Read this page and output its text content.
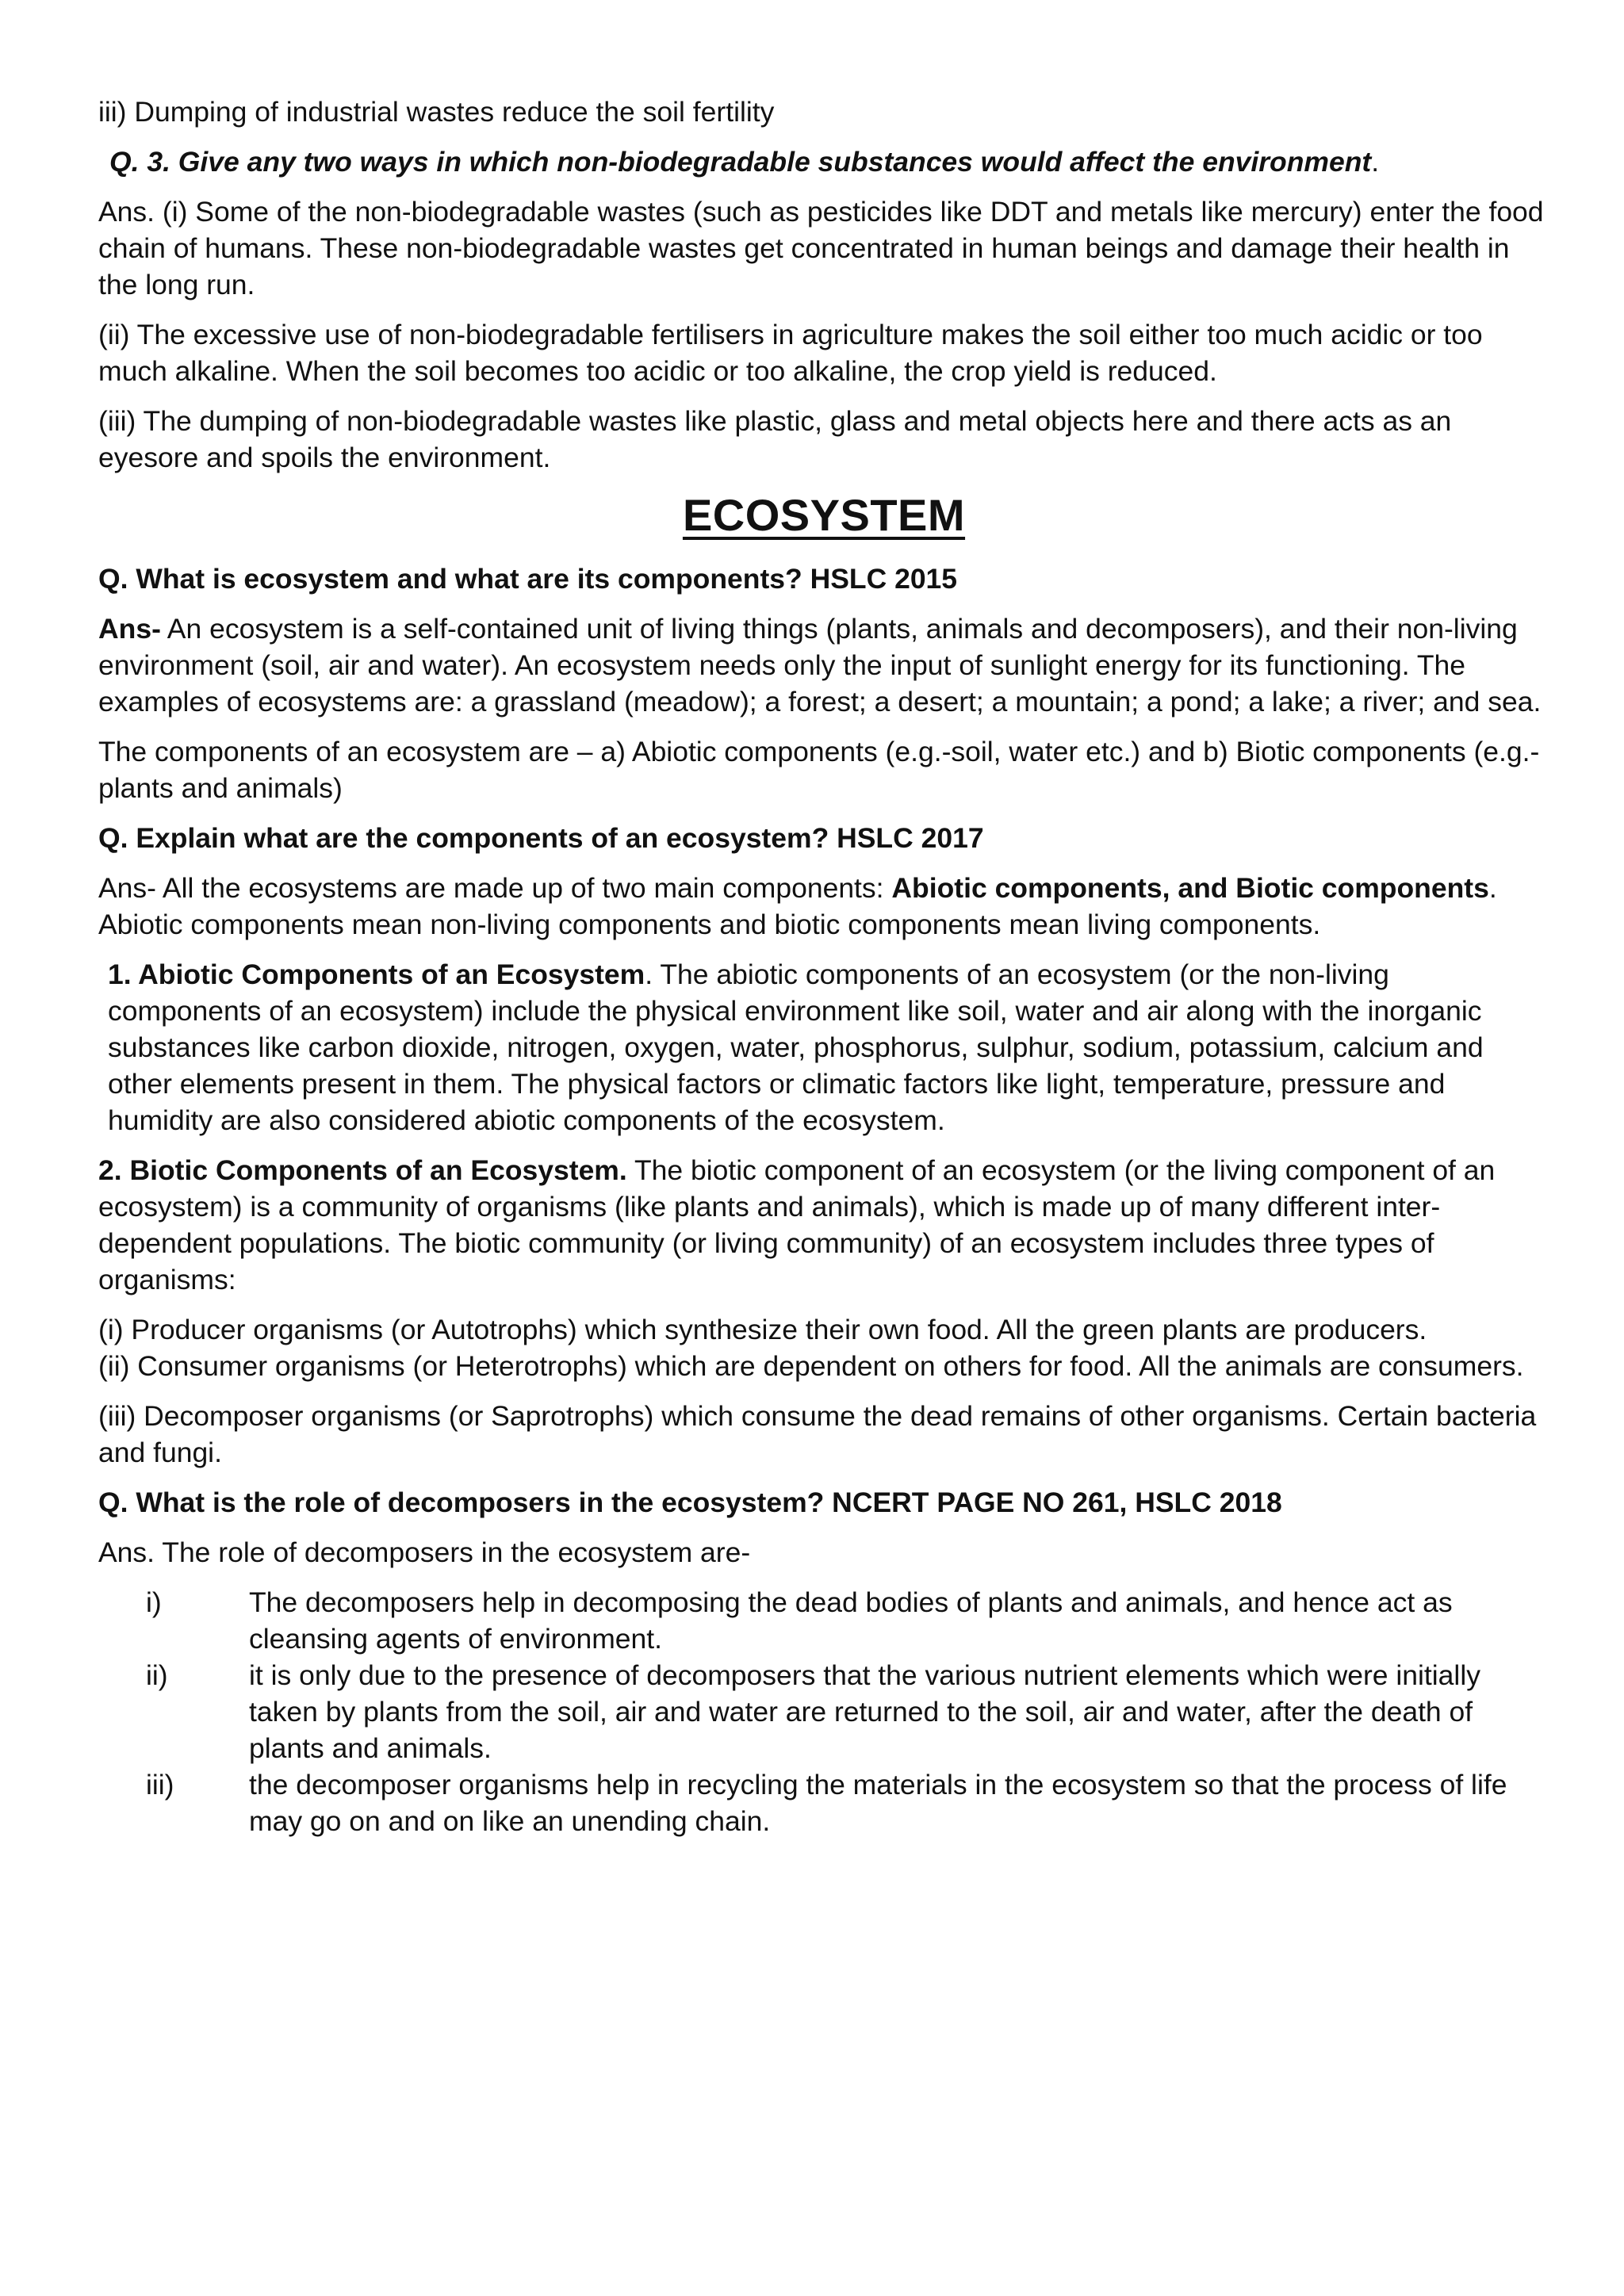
iii) Dumping of industrial wastes reduce the soil fertility

Q. 3. Give any two ways in which non-biodegradable substances would affect the environment.

Ans. (i) Some of the non-biodegradable wastes (such as pesticides like DDT and metals like mercury) enter the food chain of humans. These non-biodegradable wastes get concentrated in human beings and damage their health in the long run.

(ii) The excessive use of non-biodegradable fertilisers in agriculture makes the soil either too much acidic or too much alkaline. When the soil becomes too acidic or too alkaline, the crop yield is reduced.

(iii) The dumping of non-biodegradable wastes like plastic, glass and metal objects here and there acts as an eyesore and spoils the environment.

ECOSYSTEM

Q. What is ecosystem and what are its components? HSLC 2015

Ans- An ecosystem is a self-contained unit of living things (plants, animals and decomposers), and their non-living environment (soil, air and water). An ecosystem needs only the input of sunlight energy for its functioning. The examples of ecosystems are: a grassland (meadow); a forest; a desert; a mountain; a pond; a lake; a river; and sea.

The components of an ecosystem are – a) Abiotic components (e.g.-soil, water etc.) and b) Biotic components (e.g.-plants and animals)

Q. Explain what are the components of an ecosystem? HSLC 2017

Ans- All the ecosystems are made up of two main components: Abiotic components, and Biotic components. Abiotic components mean non-living components and biotic components mean living components.

1. Abiotic Components of an Ecosystem. The abiotic components of an ecosystem (or the non-living components of an ecosystem) include the physical environment like soil, water and air along with the inorganic substances like carbon dioxide, nitrogen, oxygen, water, phosphorus, sulphur, sodium, potassium, calcium and other elements present in them. The physical factors or climatic factors like light, temperature, pressure and humidity are also considered abiotic components of the ecosystem.

2. Biotic Components of an Ecosystem. The biotic component of an ecosystem (or the living component of an ecosystem) is a community of organisms (like plants and animals), which is made up of many different inter-dependent populations. The biotic community (or living community) of an ecosystem includes three types of organisms:

(i) Producer organisms (or Autotrophs) which synthesize their own food. All the green plants are producers.

(ii) Consumer organisms (or Heterotrophs) which are dependent on others for food. All the animals are consumers.

(iii) Decomposer organisms (or Saprotrophs) which consume the dead remains of other organisms. Certain bacteria and fungi.

Q. What is the role of decomposers in the ecosystem? NCERT PAGE NO 261, HSLC 2018

Ans. The role of decomposers in the ecosystem are-

i)	The decomposers help in decomposing the dead bodies of plants and animals, and hence act as cleansing agents of environment.
ii)	it is only due to the presence of decomposers that the various nutrient elements which were initially taken by plants from the soil, air and water are returned to the soil, air and water, after the death of plants and animals.
iii)	the decomposer organisms help in recycling the materials in the ecosystem so that the process of life may go on and on like an unending chain.
